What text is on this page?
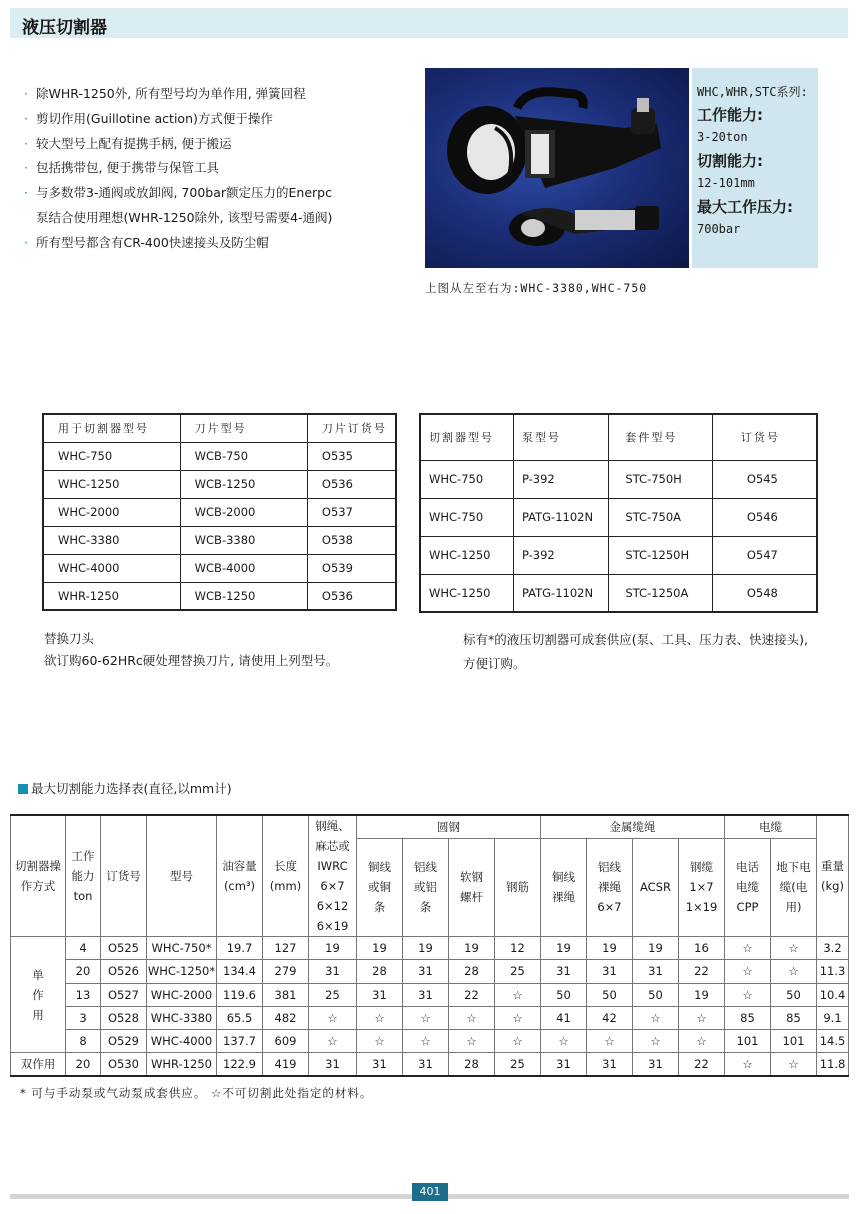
液压切割器
· 除WHR-1250外, 所有型号均为单作用, 弹簧回程
· 剪切作用(Guillotine action)方式便于操作
· 较大型号上配有提携手柄, 便于搬运
· 包括携带包, 便于携带与保管工具
· 与多数带3-通阀或放卸阀, 700bar额定压力的Enerpc
泵结合使用理想(WHR-1250除外, 该型号需要4-通阀)
· 所有型号都含有CR-400快速接头及防尘帽
WHC,WHR,STC系列:
工作能力:
3-20ton
切割能力:
12-101mm
最大工作压力:
700bar
上图从左至右为:WHC-3380,WHC-750
用于切割器型号	刀片型号	刀片订货号
WHC-750	WCB-750	O535
WHC-1250	WCB-1250	O536
WHC-2000	WCB-2000	O537
WHC-3380	WCB-3380	O538
WHC-4000	WCB-4000	O539
WHR-1250	WCB-1250	O536
切割器型号	泵型号	套件型号	订货号
WHC-750	P-392	STC-750H	O545
WHC-750	PATG-1102N	STC-750A	O546
WHC-1250	P-392	STC-1250H	O547
WHC-1250	PATG-1102N	STC-1250A	O548
替换刀头
欲订购60-62HRc硬处理替换刀片, 请使用上列型号。
标有*的液压切割器可成套供应(泵、工具、压力表、快速接头), 方便订购。
最大切割能力选择表(直径,以mm计)
切割器操作方式	工作能力ton	订货号	型号	油容量(cm³)	长度(mm)	钢绳、麻芯或IWRC 6×7 6×12 6×19	圆钢				金属缆绳				电缆		重量(kg)
							铜线或铜条	铝线或铝条	软钢螺杆	钢筋	铜线裸绳	铝线裸绳6×7	ACSR	钢缆1×7 1×19	电话电缆CPP	地下电缆(电用)	
单作用	4	O525	WHC-750*	19.7	127	19	19	19	19	12	19	19	19	16	☆	☆	3.2
	20	O526	WHC-1250*	134.4	279	31	28	31	28	25	31	31	31	22	☆	☆	11.3
	13	O527	WHC-2000	119.6	381	25	31	31	22	☆	50	50	50	19	☆	50	10.4
	3	O528	WHC-3380	65.5	482	☆	☆	☆	☆	☆	41	42	☆	☆	85	85	9.1
	8	O529	WHC-4000	137.7	609	☆	☆	☆	☆	☆	☆	☆	☆	☆	101	101	14.5
双作用	20	O530	WHR-1250	122.9	419	31	31	31	28	25	31	31	31	22	☆	☆	11.8
* 可与手动泵或气动泵成套供应。 ☆不可切割此处指定的材料。
401
